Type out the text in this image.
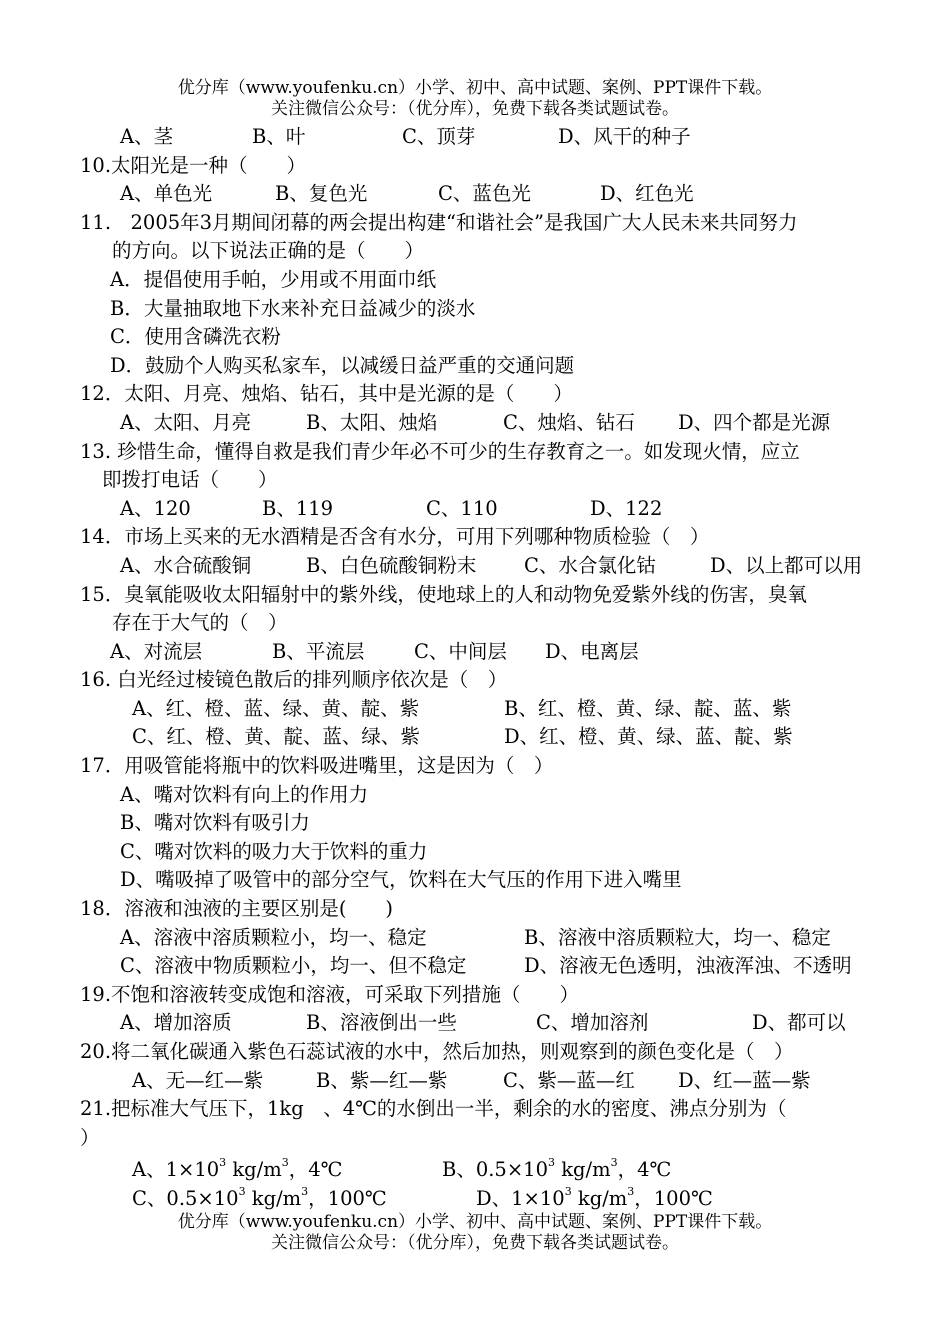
优分库（www.youfenku.cn）小学、初中、高中试题、案例、PPT课件下载。
关注微信公众号：（优分库），免费下载各类试题试卷。
A、茎	B、叶	C、顶芽	D、风干的种子
10.太阳光是一种（　　）
A、单色光	B、复色光	C、蓝色光	D、红色光
11.　2005年3月期间闭幕的两会提出构建“和谐社会”是我国广大人民未来共同努力
的方向。以下说法正确的是（　　）
A．提倡使用手帕，少用或不用面巾纸
B．大量抽取地下水来补充日益减少的淡水
C．使用含磷洗衣粉
D．鼓励个人购买私家车，以减缓日益严重的交通问题
12．太阳、月亮、烛焰、钻石，其中是光源的是（　　）
A、太阳、月亮	B、太阳、烛焰	C、烛焰、钻石 D、四个都是光源
13. 珍惜生命，懂得自救是我们青少年必不可少的生存教育之一。如发现火情，应立
即拨打电话（　　）
A、120	B、119	C、110	D、122
14．市场上买来的无水酒精是否含有水分，可用下列哪种物质检验（　）
A、水合硫酸铜	B、白色硫酸铜粉末 C、水合氯化钴	D、以上都可以用
15．臭氧能吸收太阳辐射中的紫外线，使地球上的人和动物免爱紫外线的伤害，臭氧
存在于大气的（　）
A、对流层	B、平流层	C、中间层 D、电离层
16. 白光经过棱镜色散后的排列顺序依次是（　）
A、红、橙、蓝、绿、黄、靛、紫	B、红、橙、黄、绿、靛、蓝、紫
C、红、橙、黄、靛、蓝、绿、紫	D、红、橙、黄、绿、蓝、靛、紫
17．用吸管能将瓶中的饮料吸进嘴里，这是因为（　）
A、嘴对饮料有向上的作用力
B、嘴对饮料有吸引力
C、嘴对饮料的吸力大于饮料的重力
D、嘴吸掉了吸管中的部分空气，饮料在大气压的作用下进入嘴里
18．溶液和浊液的主要区别是(　　)
A、溶液中溶质颗粒小，均一、稳定	B、溶液中溶质颗粒大，均一、稳定
C、溶液中物质颗粒小，均一、但不稳定	D、溶液无色透明，浊液浑浊、不透明
19.不饱和溶液转变成饱和溶液，可采取下列措施（　　）
A、增加溶质	B、溶液倒出一些	C、增加溶剂	D、都可以
20.将二氧化碳通入紫色石蕊试液的水中，然后加热，则观察到的颜色变化是（　）
A、无—红—紫	B、紫—红—紫	C、紫—蓝—红 D、红—蓝—紫
21.把标准大气压下，1kg　、4℃的水倒出一半，剩余的水的密度、沸点分别为（
）
A、$1\times 10^3$ $kg/m^3$，4℃	B、$0.5\times 10^3$ $kg/m^3$，4℃
C、$0.5\times 10^3$ $kg/m^3$，100℃	D、$1\times 10^3$ $kg/m^3$，100℃
优分库（www.youfenku.cn）小学、初中、高中试题、案例、PPT课件下载。
关注微信公众号：（优分库），免费下载各类试题试卷。
